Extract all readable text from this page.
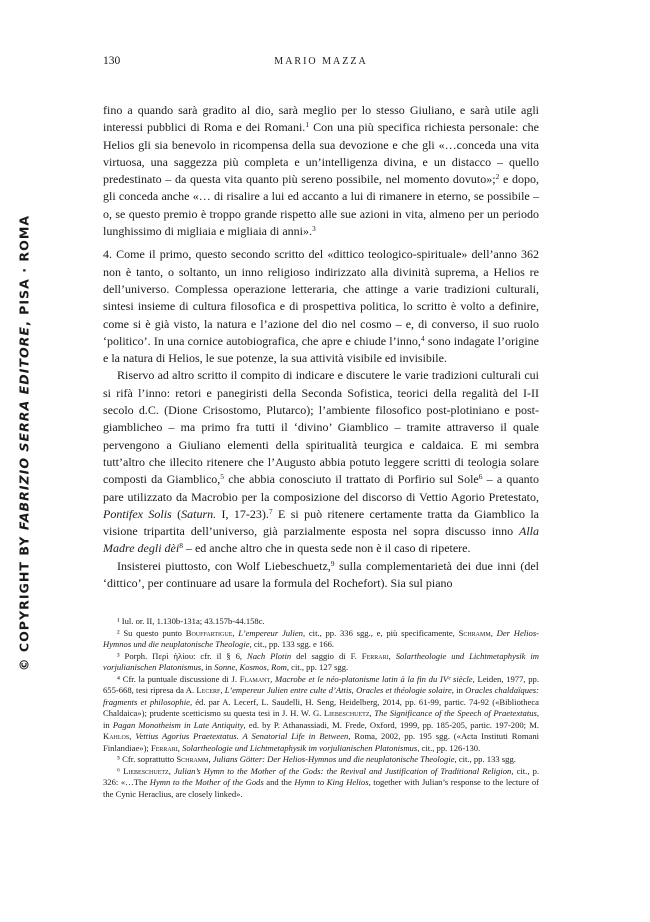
130	MARIO MAZZA
© COPYRIGHT BY FABRIZIO SERRA EDITORE, PISA · ROMA

fino a quando sarà gradito al dio, sarà meglio per lo stesso Giuliano, e sarà utile agli interessi pubblici di Roma e dei Romani.$^1$ Con una più specifica richiesta personale: che Helios gli sia benevolo in ricompensa della sua devozione e che gli «…conceda una vita virtuosa, una saggezza più completa e un’intelligenza divina, e un distacco – quello predestinato – da questa vita quanto più sereno possibile, nel momento dovuto»;$^2$ e dopo, gli conceda anche «… di risalire a lui ed accanto a lui di rimanere in eterno, se possibile – o, se questo premio è troppo grande rispetto alle sue azioni in vita, almeno per un periodo lunghissimo di migliaia e migliaia di anni».$^3$

4. Come il primo, questo secondo scritto del «dittico teologico-spirituale» dell’anno 362 non è tanto, o soltanto, un inno religioso indirizzato alla divinità suprema, a Helios re dell’universo. Complessa operazione letteraria, che attinge a varie tradizioni culturali, sintesi insieme di cultura filosofica e di prospettiva politica, lo scritto è volto a definire, come si è già visto, la natura e l’azione del dio nel cosmo – e, di converso, il suo ruolo ‘politico’. In una cornice autobiografica, che apre e chiude l’inno,$^4$ sono indagate l’origine e la natura di Helios, le sue potenze, la sua attività visibile ed invisibile.

Riservo ad altro scritto il compito di indicare e discutere le varie tradizioni culturali cui si rifà l’inno: retori e panegiristi della Seconda Sofistica, teorici della regalità del I-II secolo d.C. (Dione Crisostomo, Plutarco); l’ambiente filosofico post-plotiniano e post-giamblicheo – ma primo fra tutti il ‘divino’ Giamblico – tramite attraverso il quale pervengono a Giuliano elementi della spiritualità teurgica e caldaica. E mi sembra tutt’altro che illecito ritenere che l’Augusto abbia potuto leggere scritti di teologia solare composti da Giamblico,$^5$ che abbia conosciuto il trattato di Porfirio sul Sole$^6$ – a quanto pare utilizzato da Macrobio per la composizione del discorso di Vettio Agorio Pretestato, Pontifex Solis (Saturn. I, 17-23).$^7$ E si può ritenere certamente tratta da Giamblico la visione tripartita dell’universo, già parzialmente esposta nel sopra discusso inno Alla Madre degli dèi$^8$ – ed anche altro che in questa sede non è il caso di ripetere.

Insisterei piuttosto, con Wolf Liebeschuetz,$^9$ sulla complementarietà dei due inni (del ‘dittico’, per continuare ad usare la formula del Rochefort). Sia sul piano

¹ Iul. or. II, 1.130b-131a; 43.157b-44.158c.

² Su questo punto Bouffartigue, L’empereur Julien, cit., pp. 336 sgg., e, più specificamente, Schramm, Der Helios-Hymnos und die neuplatonische Theologie, cit., pp. 133 sgg. e 166.

³ Porph. Περὶ ἡλίου: cfr. il § 6, Nach Plotin del saggio di F. Ferrari, Solartheologie und Lichtmetaphysik im vorjulianischen Platonismus, in Sonne, Kosmos, Rom, cit., pp. 127 sgg.

⁴ Cfr. la puntuale discussione di J. Flamant, Macrobe et le néo-platonisme latin à la fin du IVᵉ siècle, Leiden, 1977, pp. 655-668, tesi ripresa da A. Lecerf, L’empereur Julien entre culte d’Attis, Oracles et théologie solaire, in Oracles chaldaïques: fragments et philosophie, éd. par A. Lecerf, L. Saudelli, H. Seng, Heidelberg, 2014, pp. 61-99, partic. 74-92 («Bibliotheca Chaldaica»); prudente scetticismo su questa tesi in J. H. W. G. Liebeschuetz, The Significance of the Speech of Praetextatus, in Pagan Monotheism in Late Antiquity, ed. by P. Athanassiadi, M. Frede, Oxford, 1999, pp. 185-205, partic. 197-200; M. Kahlos, Vettius Agorius Praetextatus. A Senatorial Life in Between, Roma, 2002, pp. 195 sgg. («Acta Instituti Romani Finlandiae»); Ferrari, Solartheologie und Lichtmetaphysik im vorjulianischen Platonismus, cit., pp. 126-130.

⁵ Cfr. soprattutto Schramm, Julians Götter: Der Helios-Hymnos und die neuplatonische Theologie, cit., pp. 133 sgg.

⁶ Liebeschuetz, Julian’s Hymn to the Mother of the Gods: the Revival and Justification of Traditional Religion, cit., p. 326: «…The Hymn to the Mother of the Gods and the Hymn to King Helios, together with Julian’s response to the lecture of the Cynic Heraclius, are closely linked».
